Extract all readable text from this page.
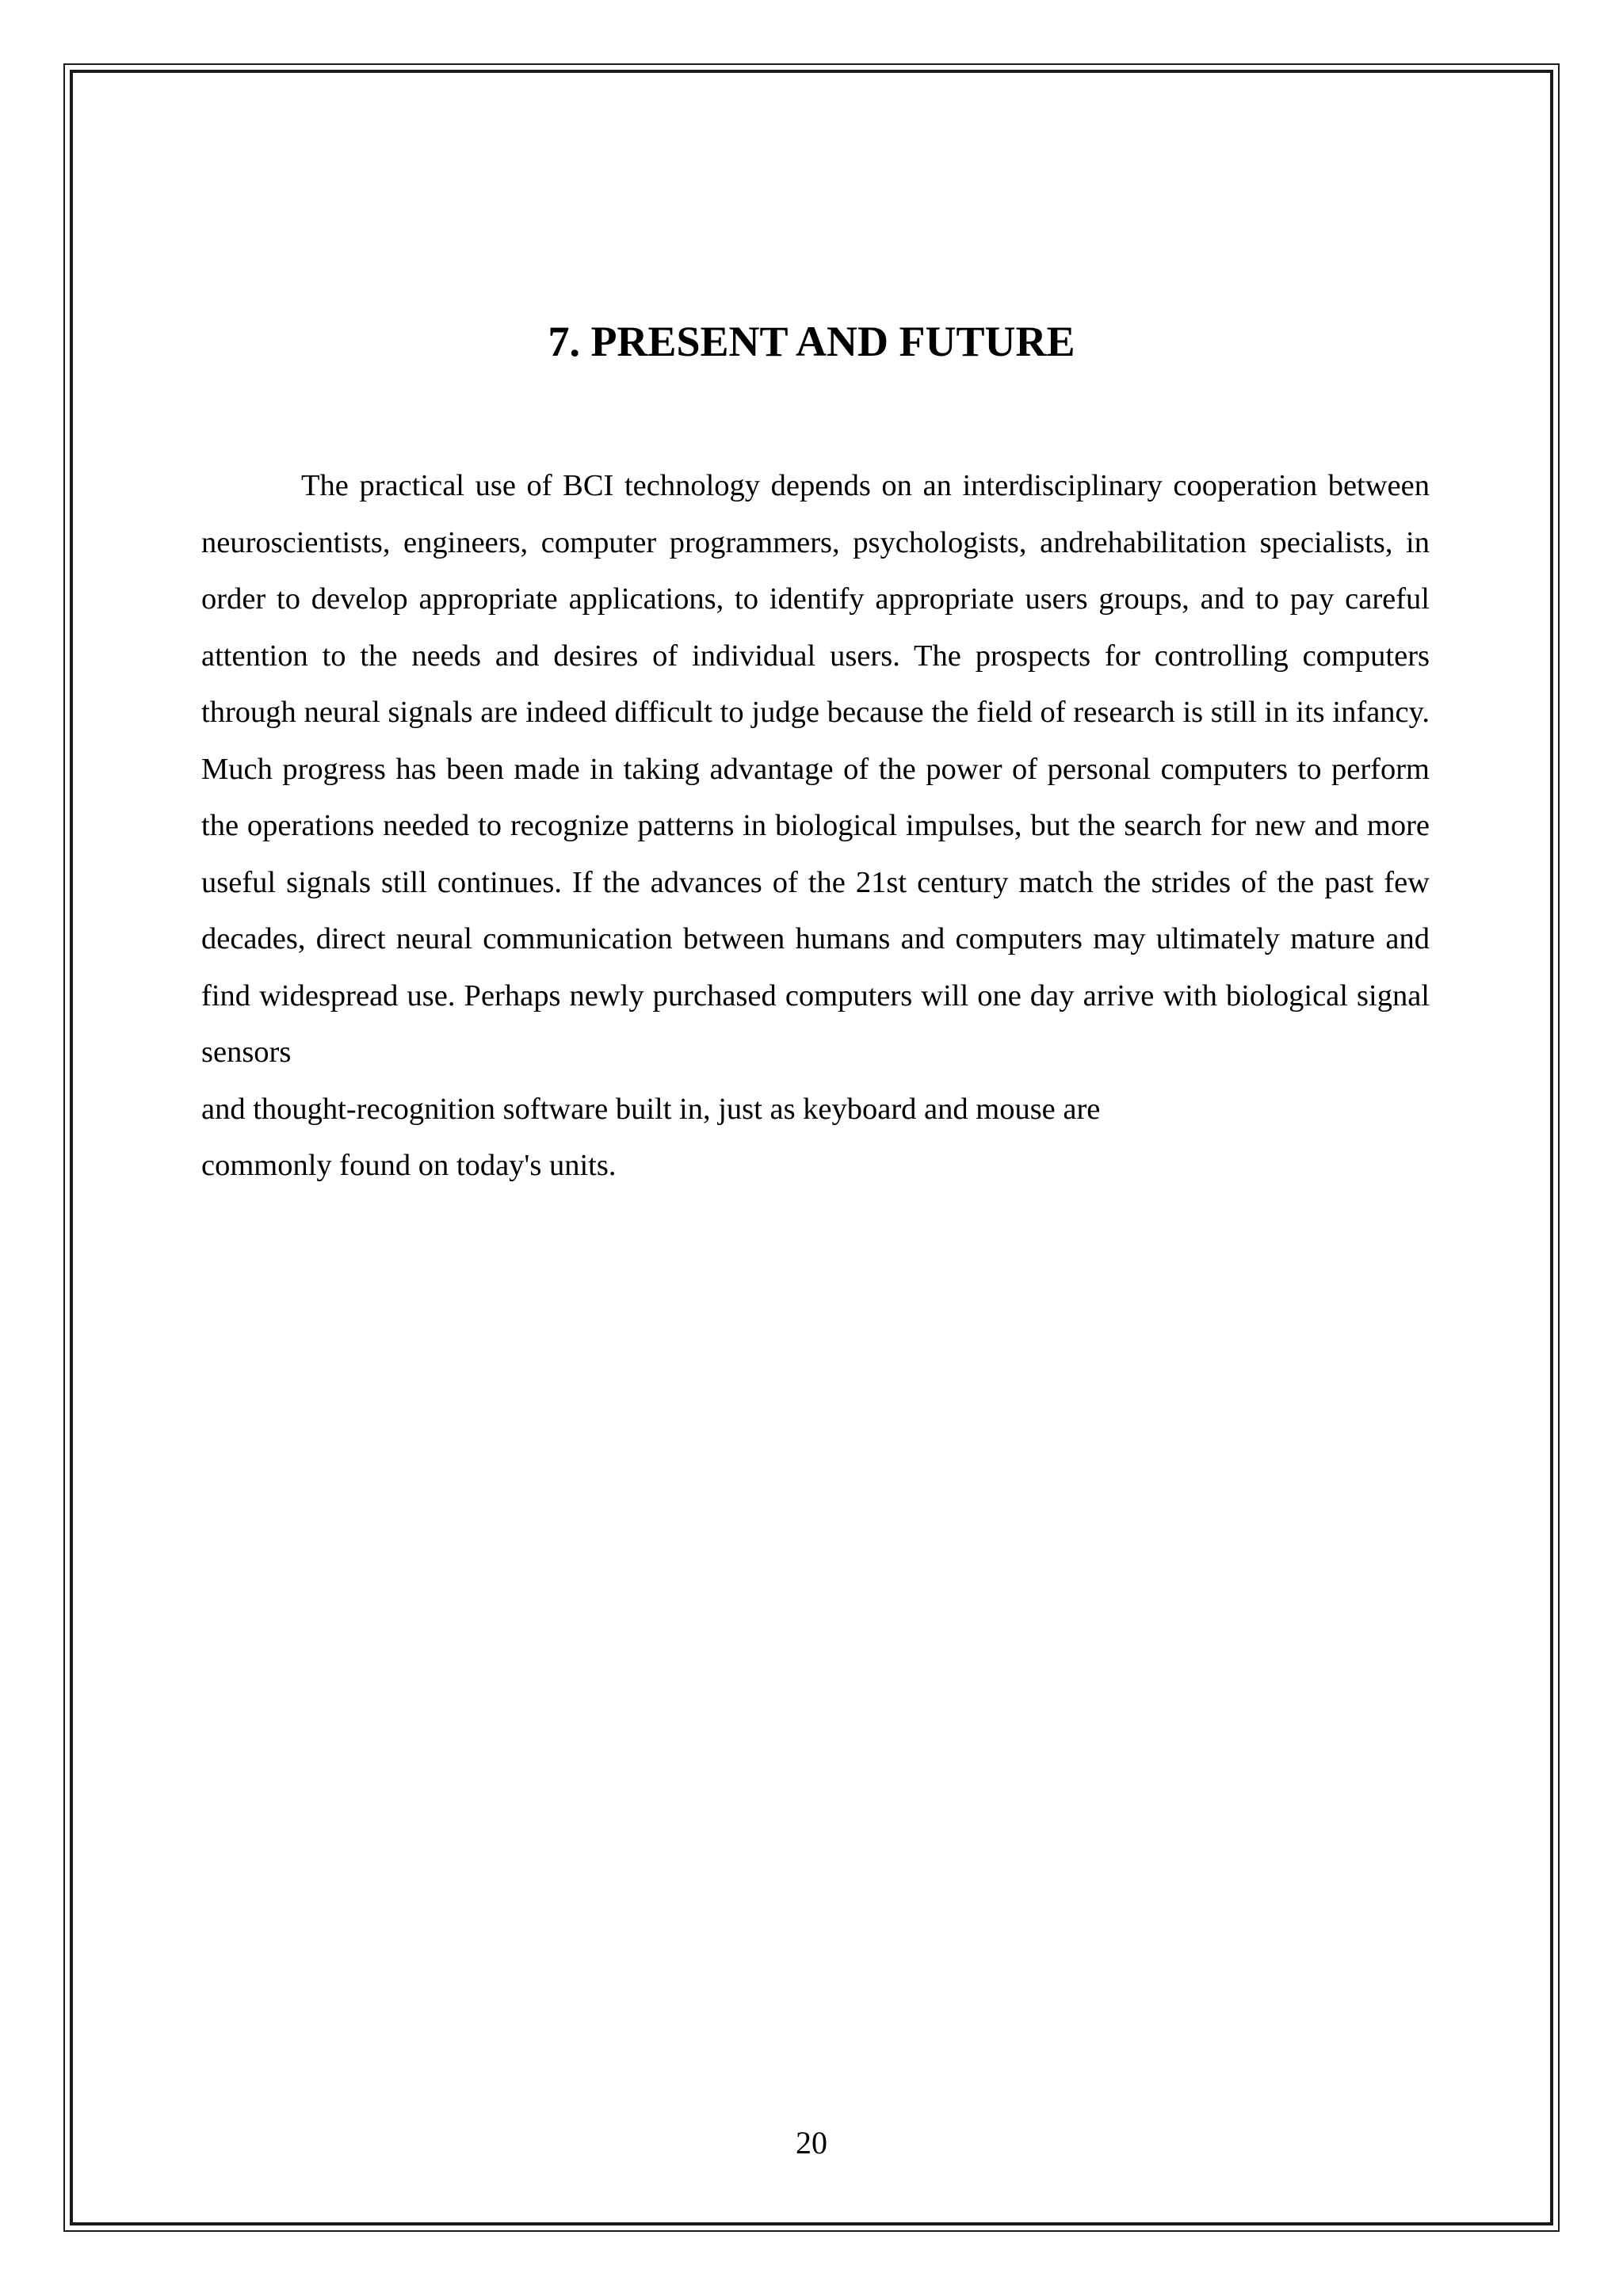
7. PRESENT AND FUTURE

The practical use of BCI technology depends on an interdisciplinary cooperation between neuroscientists, engineers, computer programmers, psychologists, andrehabilitation specialists, in order to develop appropriate applications, to identify appropriate users groups, and to pay careful attention to the needs and desires of individual users. The prospects for controlling computers through neural signals are indeed difficult to judge because the field of research is still in its infancy. Much progress has been made in taking advantage of the power of personal computers to perform the operations needed to recognize patterns in biological impulses, but the search for new and more useful signals still continues. If the advances of the 21st century match the strides of the past few decades, direct neural communication between humans and computers may ultimately mature and find widespread use. Perhaps newly purchased computers will one day arrive with biological signal sensors

and thought-recognition software built in, just as keyboard and mouse are
commonly found on today's units.
20
